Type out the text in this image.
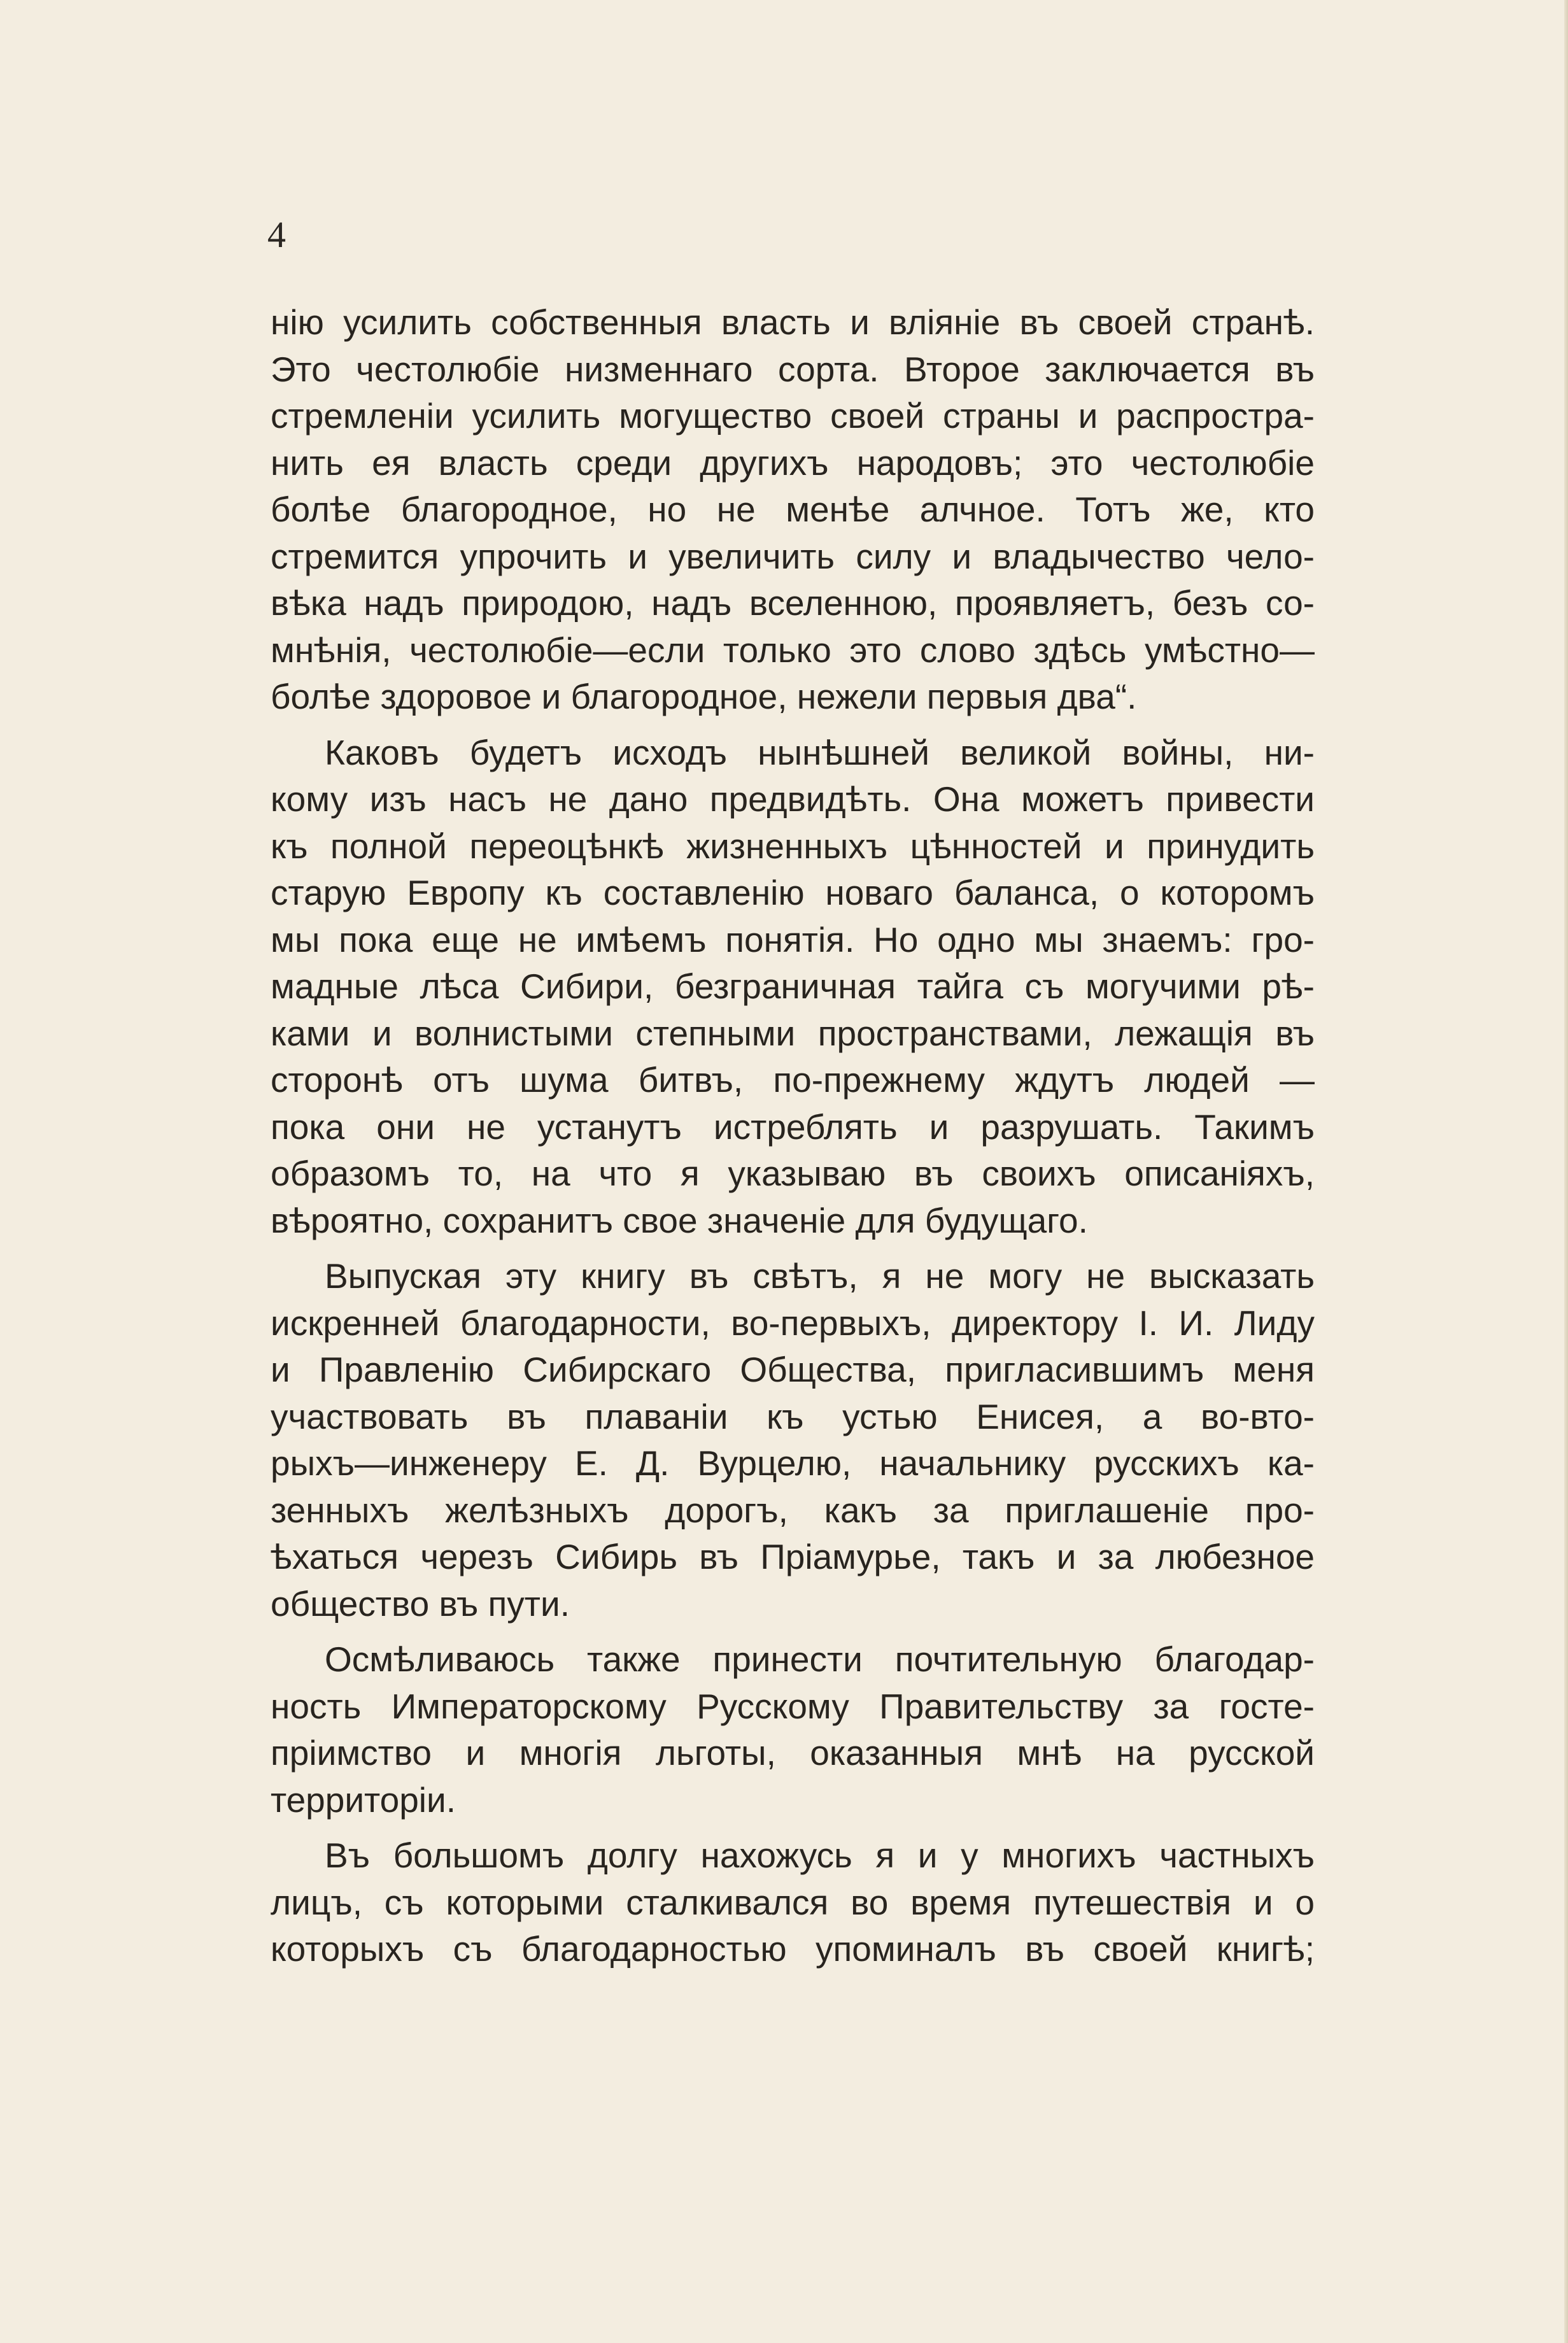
4
нію усилить собственныя власть и вліяніе въ своей странѣ.
Это честолюбіе низменнаго сорта. Второе заключается въ
стремленіи усилить могущество своей страны и распростра-
нить ея власть среди другихъ народовъ; это честолюбіе
болѣе благородное, но не менѣе алчное. Тотъ же, кто
стремится упрочить и увеличить силу и владычество чело-
вѣка надъ природою, надъ вселенною, проявляетъ, безъ со-
мнѣнія, честолюбіе—если только это слово здѣсь умѣстно—
болѣе здоровое и благородное, нежели первыя два“.
Каковъ будетъ исходъ нынѣшней великой войны, ни-
кому изъ насъ не дано предвидѣть. Она можетъ привести
къ полной переоцѣнкѣ жизненныхъ цѣнностей и принудить
старую Европу къ составленію новаго баланса, о которомъ
мы пока еще не имѣемъ понятія. Но одно мы знаемъ: гро-
мадные лѣса Сибири, безграничная тайга съ могучими рѣ-
ками и волнистыми степными пространствами, лежащія въ
сторонѣ отъ шума битвъ, по-прежнему ждутъ людей —
пока они не устанутъ истреблять и разрушать. Такимъ
образомъ то, на что я указываю въ своихъ описаніяхъ,
вѣроятно, сохранитъ свое значеніе для будущаго.
Выпуская эту книгу въ свѣтъ, я не могу не высказать
искренней благодарности, во-первыхъ, директору І. И. Лиду
и Правленію Сибирскаго Общества, пригласившимъ меня
участвовать въ плаваніи къ устью Енисея, а во-вто-
рыхъ—инженеру Е. Д. Вурцелю, начальнику русскихъ ка-
зенныхъ желѣзныхъ дорогъ, какъ за приглашеніе про-
ѣхаться черезъ Сибирь въ Пріамурье, такъ и за любезное
общество въ пути.
Осмѣливаюсь также принести почтительную благодар-
ность Императорскому Русскому Правительству за госте-
пріимство и многія льготы, оказанныя мнѣ на русской
территоріи.
Въ большомъ долгу нахожусь я и у многихъ частныхъ
лицъ, съ которыми сталкивался во время путешествія и о
которыхъ съ благодарностью упоминалъ въ своей книгѣ;
